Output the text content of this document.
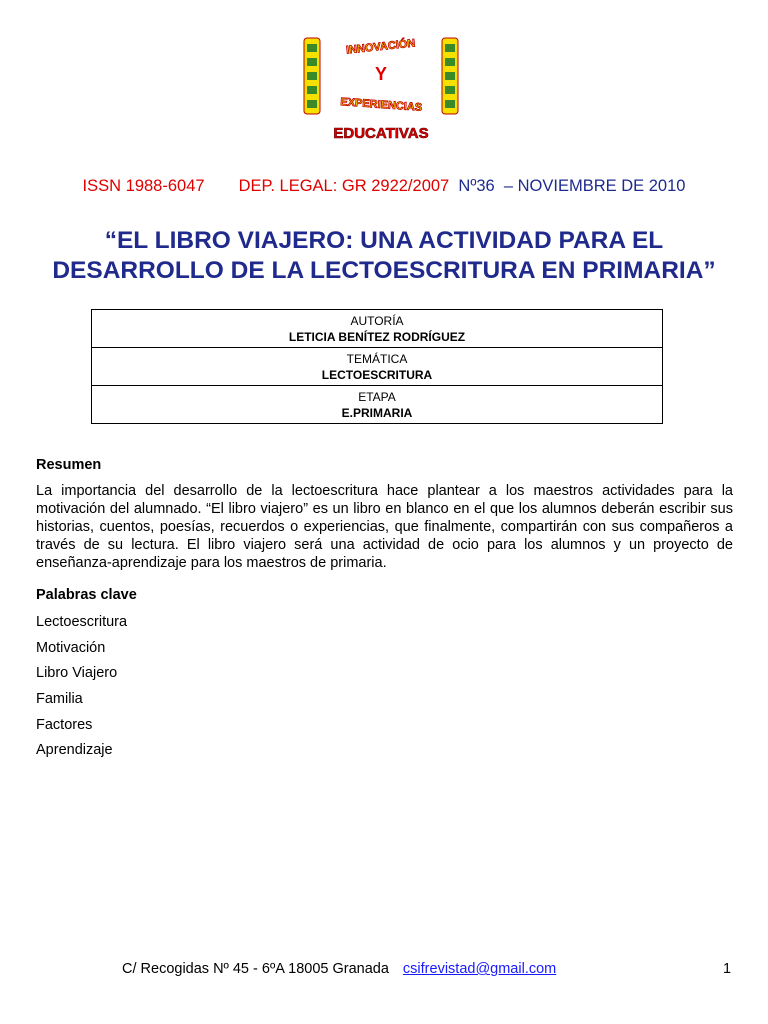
INNOVACIÓN
Y
EXPERIENCIAS
EDUCATIVAS
ISSN 1988-6047 DEP. LEGAL: GR 2922/2007 Nº36 – NOVIEMBRE DE 2010
“EL LIBRO VIAJERO: UNA ACTIVIDAD PARA EL DESARROLLO DE LA LECTOESCRITURA EN PRIMARIA”
AUTORÍA
LETICIA BENÍTEZ RODRÍGUEZ

TEMÁTICA
LECTOESCRITURA

ETAPA
E.PRIMARIA
Resumen
La importancia del desarrollo de la lectoescritura hace plantear a los maestros actividades para la motivación del alumnado. “El libro viajero” es un libro en blanco en el que los alumnos deberán escribir sus historias, cuentos, poesías, recuerdos o experiencias, que finalmente, compartirán con sus compañeros a través de su lectura. El libro viajero será una actividad de ocio para los alumnos y un proyecto de enseñanza-aprendizaje para los maestros de primaria.
Palabras clave
Lectoescritura
Motivación
Libro Viajero
Familia
Factores
Aprendizaje
C/ Recogidas Nº 45 - 6ºA 18005 Granada csifrevistad@gmail.com	1
